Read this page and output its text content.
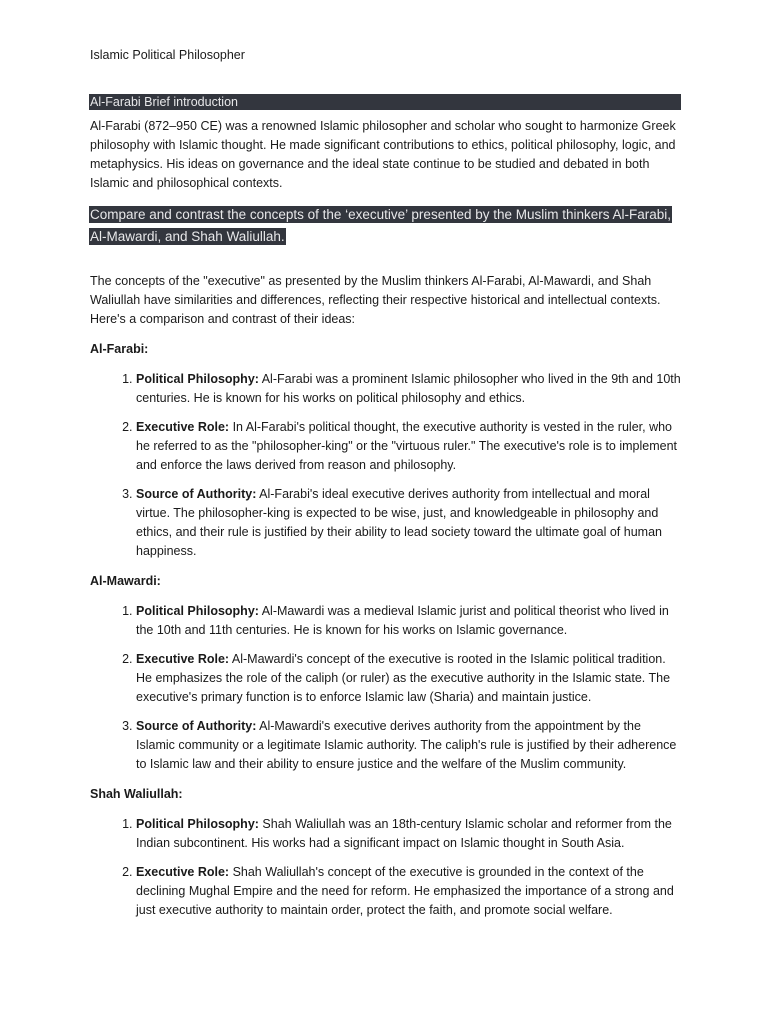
Islamic Political Philosopher
Al-Farabi Brief introduction

Al-Farabi (872–950 CE) was a renowned Islamic philosopher and scholar who sought to harmonize Greek philosophy with Islamic thought. He made significant contributions to ethics, political philosophy, logic, and metaphysics. His ideas on governance and the ideal state continue to be studied and debated in both Islamic and philosophical contexts.

Compare and contrast the concepts of the ‘executive’ presented by the Muslim thinkers Al-Farabi, Al-Mawardi, and Shah Waliullah.

The concepts of the "executive" as presented by the Muslim thinkers Al-Farabi, Al-Mawardi, and Shah Waliullah have similarities and differences, reflecting their respective historical and intellectual contexts. Here's a comparison and contrast of their ideas:

Al-Farabi:

1. Political Philosophy: Al-Farabi was a prominent Islamic philosopher who lived in the 9th and 10th centuries. He is known for his works on political philosophy and ethics.
2. Executive Role: In Al-Farabi's political thought, the executive authority is vested in the ruler, who he referred to as the "philosopher-king" or the "virtuous ruler." The executive's role is to implement and enforce the laws derived from reason and philosophy.
3. Source of Authority: Al-Farabi's ideal executive derives authority from intellectual and moral virtue. The philosopher-king is expected to be wise, just, and knowledgeable in philosophy and ethics, and their rule is justified by their ability to lead society toward the ultimate goal of human happiness.

Al-Mawardi:

1. Political Philosophy: Al-Mawardi was a medieval Islamic jurist and political theorist who lived in the 10th and 11th centuries. He is known for his works on Islamic governance.
2. Executive Role: Al-Mawardi's concept of the executive is rooted in the Islamic political tradition. He emphasizes the role of the caliph (or ruler) as the executive authority in the Islamic state. The executive's primary function is to enforce Islamic law (Sharia) and maintain justice.
3. Source of Authority: Al-Mawardi's executive derives authority from the appointment by the Islamic community or a legitimate Islamic authority. The caliph's rule is justified by their adherence to Islamic law and their ability to ensure justice and the welfare of the Muslim community.

Shah Waliullah:

1. Political Philosophy: Shah Waliullah was an 18th-century Islamic scholar and reformer from the Indian subcontinent. His works had a significant impact on Islamic thought in South Asia.
2. Executive Role: Shah Waliullah's concept of the executive is grounded in the context of the declining Mughal Empire and the need for reform. He emphasized the importance of a strong and just executive authority to maintain order, protect the faith, and promote social welfare.
